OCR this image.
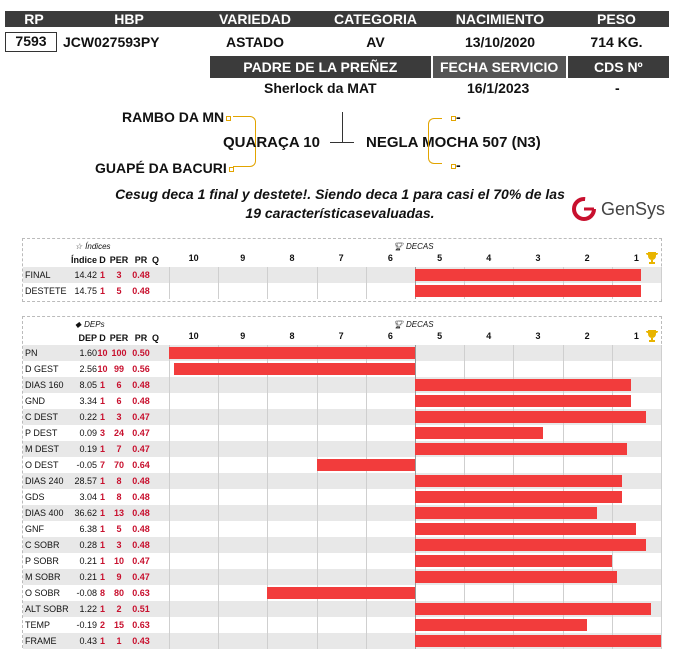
RP	HBP	VARIEDAD	CATEGORIA	NACIMIENTO	PESO
7593	JCW027593PY	ASTADO	AV	13/10/2020	714 KG.
PADRE DE LA PREÑEZ	FECHA SERVICIO	CDS Nº
Sherlock da MAT	16/1/2023	-
RAMBO DA MN
GUAPÉ DA BACURI
QUARAÇA 10	NEGLA MOCHA 507 (N3)
-
-
Cesug deca 1 final y destete!. Siendo deca 1 para casi el 70% de las 19 característicasevaluadas.	GenSys
☆ Índices	🏆︎ DECAS
Índice D PER PR Q	10	9	8	7	6	5	4	3	2	1
FINAL	14.42 1	3	0.48
DESTETE 14.75 1	5	0.48
◆ DEPs	🏆︎ DECAS
DEP D PER PR Q	10	9	8	7	6	5	4	3	2	1
PN	1.60 10 100 0.50
D GEST	2.56 10 99 0.56
DIAS 160	8.05 1	6	0.48
GND	3.34 1	6	0.48
C DEST	0.22 1	3	0.47
P DEST	0.09 3 24 0.47
M DEST	0.19 1	7	0.47
O DEST	-0.05 7 70 0.64
DIAS 240	28.57 1	8	0.48
GDS	3.04 1	8	0.48
DIAS 400	36.62 1 13 0.48
GNF	6.38 1	5	0.48
C SOBR	0.28 1	3	0.48
P SOBR	0.21 1 10 0.47
M SOBR	0.21 1	9	0.47
O SOBR	-0.08 8 80 0.63
ALT SOBR	1.22 1	2	0.51
TEMP	-0.19 2 15 0.63
FRAME	0.43 1	1	0.43
